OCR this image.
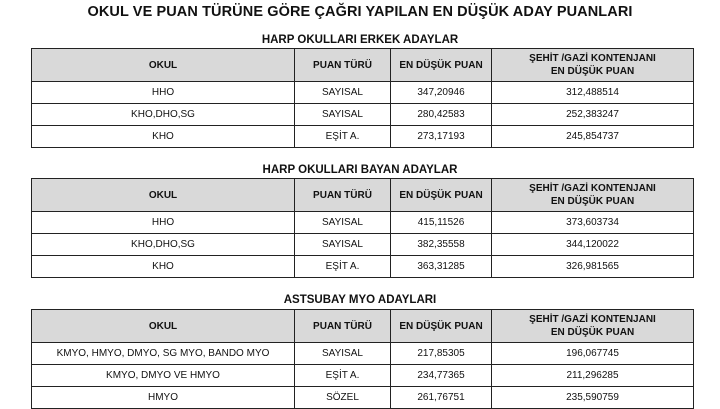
OKUL VE PUAN TÜRÜNE GÖRE ÇAĞRI YAPILAN EN DÜŞÜK ADAY PUANLARI
HARP OKULLARI ERKEK ADAYLAR
OKUL	PUAN TÜRÜ	EN DÜŞÜK PUAN	ŞEHİT /GAZİ KONTENJANI
EN DÜŞÜK PUAN
HHO	SAYISAL	347,20946	312,488514
KHO,DHO,SG	SAYISAL	280,42583	252,383247
KHO	EŞİT A.	273,17193	245,854737
HARP OKULLARI BAYAN ADAYLAR
OKUL	PUAN TÜRÜ	EN DÜŞÜK PUAN	ŞEHİT /GAZİ KONTENJANI
EN DÜŞÜK PUAN
HHO	SAYISAL	415,11526	373,603734
KHO,DHO,SG	SAYISAL	382,35558	344,120022
KHO	EŞİT A.	363,31285	326,981565
ASTSUBAY MYO ADAYLARI
OKUL	PUAN TÜRÜ	EN DÜŞÜK PUAN	ŞEHİT /GAZİ KONTENJANI
EN DÜŞÜK PUAN
KMYO, HMYO, DMYO, SG MYO, BANDO MYO	SAYISAL	217,85305	196,067745
KMYO, DMYO VE HMYO	EŞİT A.	234,77365	211,296285
HMYO	SÖZEL	261,76751	235,590759
